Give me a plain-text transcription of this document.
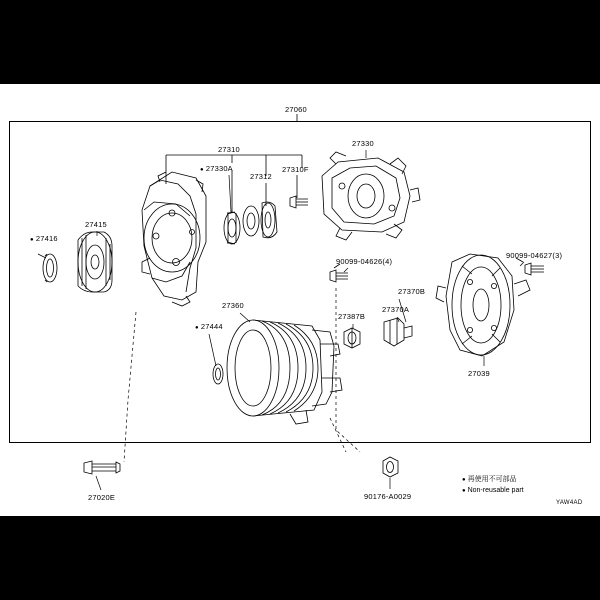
27060
27310
27330
● 27330A
27312
27310F
27415
● 27416
90099-04626(4)
90099-04627(3)
27370B
27370A
27360
27387B
● 27444
27039
27020E	90176-A0029
● 再使用不可部品
● Non-reusable part
YAW4AD
